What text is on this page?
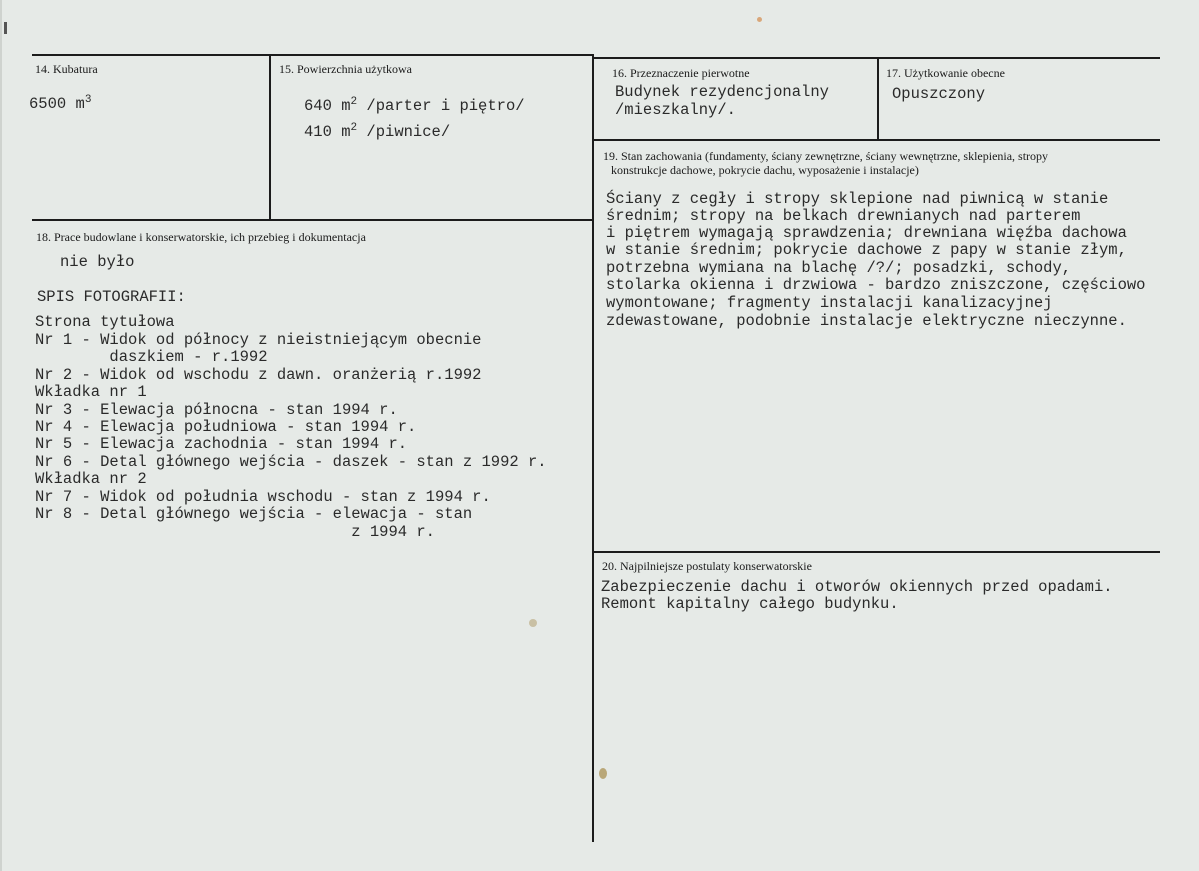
14. Kubatura
6500 $m^3$
15. Powierzchnia użytkowa
640 $m^2$ /parter i piętro/
410 $m^2$ /piwnice/
16. Przeznaczenie pierwotne
Budynek rezydencjonalny
/mieszkalny/.
17. Użytkowanie obecne
Opuszczony
19. Stan zachowania (fundamenty, ściany zewnętrzne, ściany wewnętrzne, sklepienia, stropy
konstrukcje dachowe, pokrycie dachu, wyposażenie i instalacje)
Ściany z cegły i stropy sklepione nad piwnicą w stanie
średnim; stropy na belkach drewnianych nad parterem
i piętrem wymagają sprawdzenia; drewniana więźba dachowa
w stanie średnim; pokrycie dachowe z papy w stanie złym,
potrzebna wymiana na blachę /?/; posadzki, schody,
stolarka okienna i drzwiowa - bardzo zniszczone, częściowo
wymontowane; fragmenty instalacji kanalizacyjnej
zdewastowane, podobnie instalacje elektryczne nieczynne.
18. Prace budowlane i konserwatorskie, ich przebieg i dokumentacja
nie było
SPIS FOTOGRAFII:
Strona tytułowa
Nr 1 - Widok od północy z nieistniejącym obecnie
daszkiem - r.1992
Nr 2 - Widok od wschodu z dawn. oranżerią r.1992
Wkładka nr 1
Nr 3 - Elewacja północna - stan 1994 r.
Nr 4 - Elewacja południowa - stan 1994 r.
Nr 5 - Elewacja zachodnia - stan 1994 r.
Nr 6 - Detal głównego wejścia - daszek - stan z 1992 r.
Wkładka nr 2
Nr 7 - Widok od południa wschodu - stan z 1994 r.
Nr 8 - Detal głównego wejścia - elewacja - stan
z 1994 r.
20. Najpilniejsze postulaty konserwatorskie
Zabezpieczenie dachu i otworów okiennych przed opadami.
Remont kapitalny całego budynku.
